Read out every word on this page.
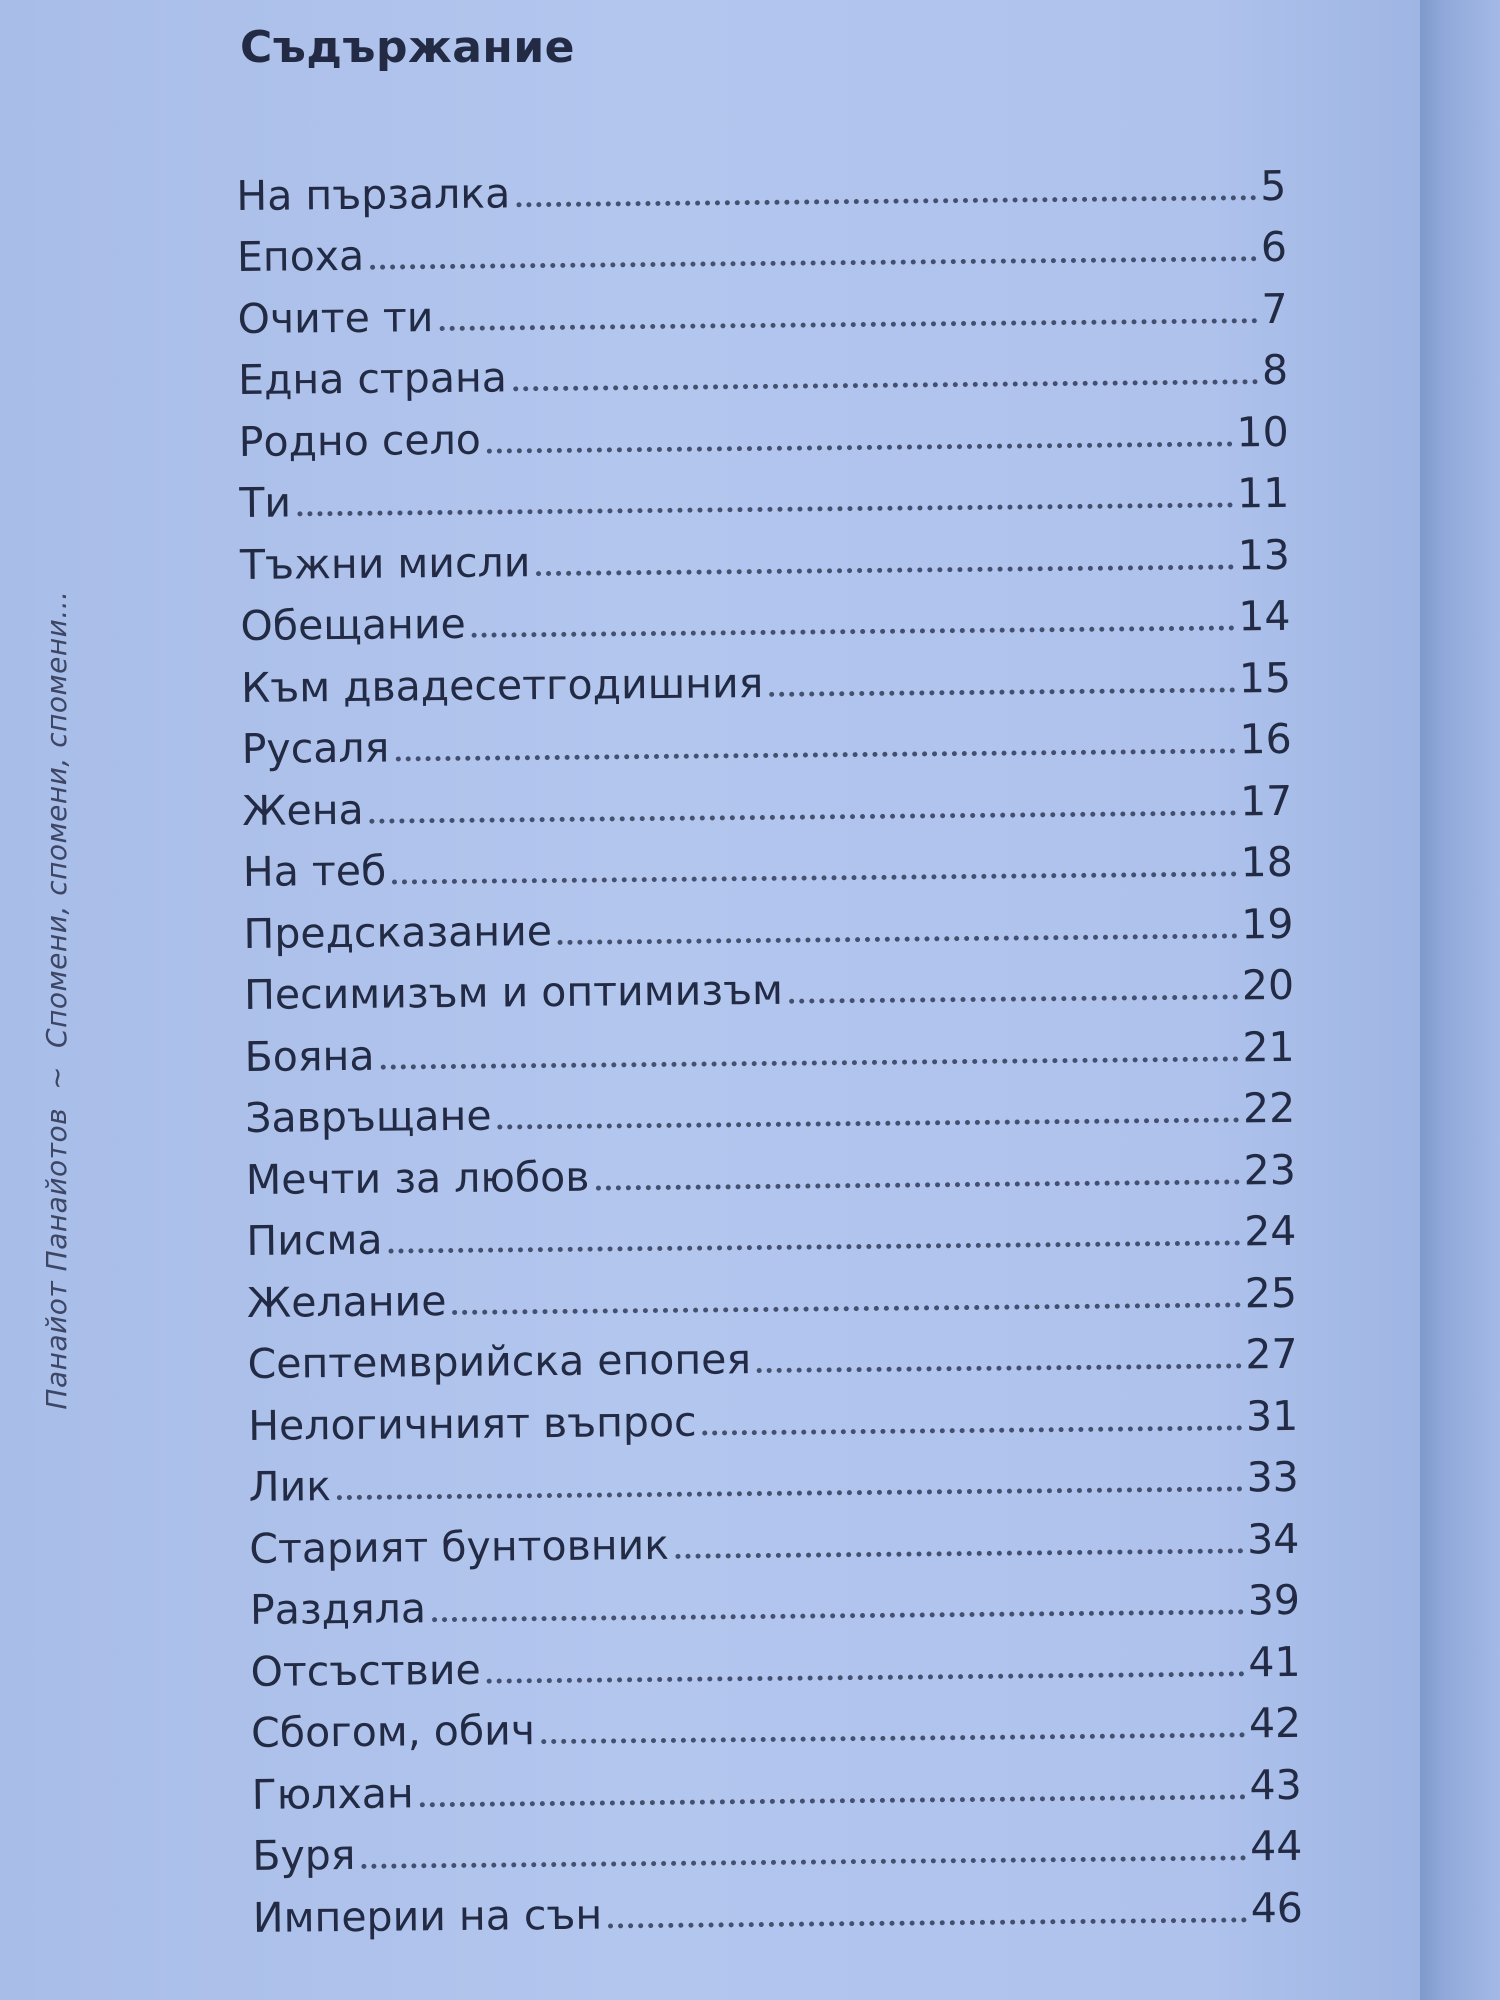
Панайот Панайотов~Спомени, спомени, спомени...
Съдържание
На пързалка	5
Епоха	6
Очите ти	7
Една страна	8
Родно село	10
Ти	11
Тъжни мисли	13
Обещание	14
Към двадесетгодишния	15
Русаля	16
Жена	17
На теб	18
Предсказание	19
Песимизъм и оптимизъм	20
Бояна	21
Завръщане	22
Мечти за любов	23
Писма	24
Желание	25
Септемврийска епопея	27
Нелогичният въпрос	31
Лик	33
Старият бунтовник	34
Раздяла	39
Отсъствие	41
Сбогом, обич	42
Гюлхан	43
Буря	44
Империи на сън	46
